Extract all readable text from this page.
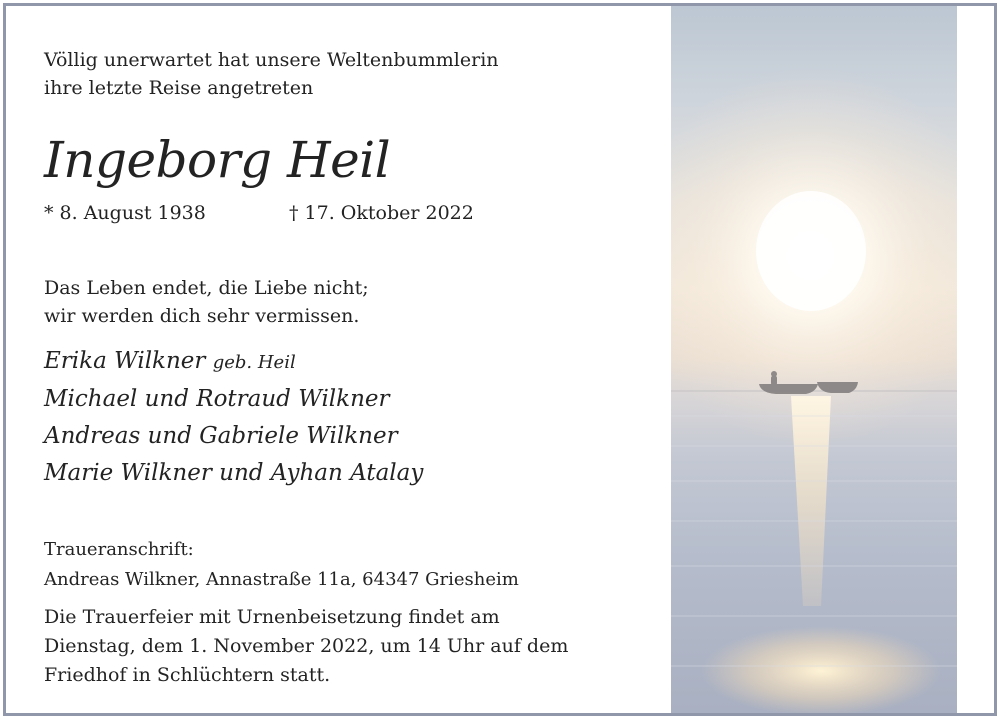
Völlig unerwartet hat unsere Weltenbummlerin
ihre letzte Reise angetreten
Ingeborg Heil
* 8. August 1938	† 17. Oktober 2022
Das Leben endet, die Liebe nicht;
wir werden dich sehr vermissen.
Erika Wilkner geb. Heil
Michael und Rotraud Wilkner
Andreas und Gabriele Wilkner
Marie Wilkner und Ayhan Atalay
Traueranschrift:
Andreas Wilkner, Annastraße 11a, 64347 Griesheim
Die Trauerfeier mit Urnenbeisetzung findet am
Dienstag, dem 1. November 2022, um 14 Uhr auf dem
Friedhof in Schlüchtern statt.
